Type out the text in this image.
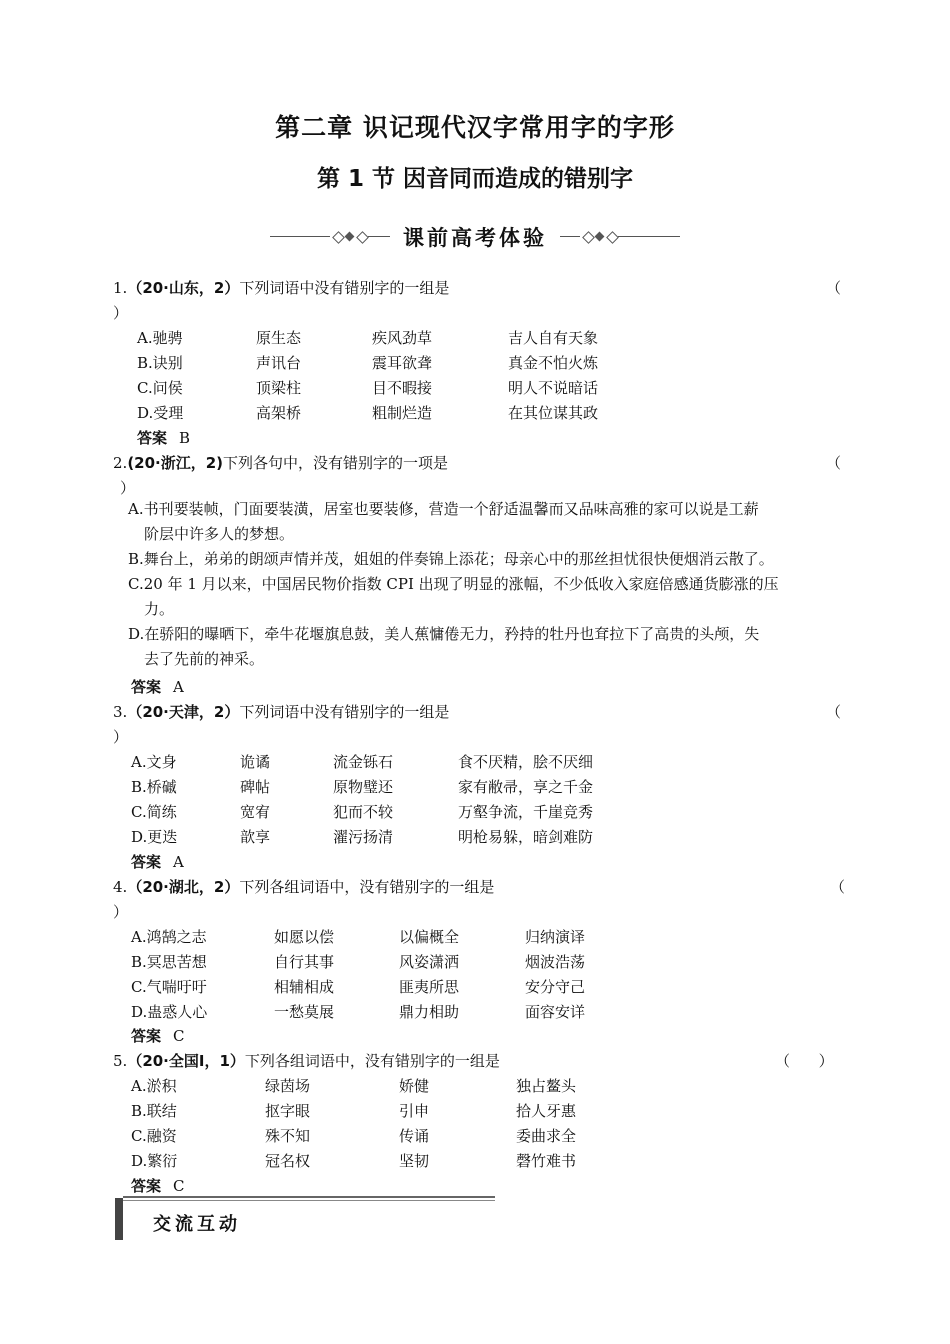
第二章 识记现代汉字常用字的字形
第 1 节 因音同而造成的错别字
课前高考体验
1.（20·山东，2）下列词语中没有错别字的一组是	（
）
A.驰骋	原生态	疾风劲草	吉人自有天象
B.诀别	声讯台	震耳欲聋	真金不怕火炼
C.问侯	顶梁柱	目不暇接	明人不说暗话
D.受理	高架桥	粗制烂造	在其位谋其政
答案 B
2.(20·浙江，2)下列各句中，没有错别字的一项是	（
）
A.书刊要装帧，门面要装潢，居室也要装修，营造一个舒适温馨而又品味高雅的家可以说是工薪
阶层中许多人的梦想。
B.舞台上，弟弟的朗颂声情并茂，姐姐的伴奏锦上添花；母亲心中的那丝担忧很快便烟消云散了。
C.20 年 1 月以来，中国居民物价指数 CPI 出现了明显的涨幅，不少低收入家庭倍感通货膨涨的压
力。
D.在骄阳的曝晒下，牵牛花堰旗息鼓，美人蕉慵倦无力，矜持的牡丹也耷拉下了高贵的头颅，失
去了先前的神采。
答案 A
3.（20·天津，2）下列词语中没有错别字的一组是	（
）
A.文身	诡谲	流金铄石	食不厌精，脍不厌细
B.桥磩	碑帖	原物璧还	家有敝帚，享之千金
C.简练	宽宥	犯而不较	万壑争流，千崖竞秀
D.更迭	歆享	濯污扬清	明枪易躲，暗剑难防
答案 A
4.（20·湖北，2）下列各组词语中，没有错别字的一组是	（
）
A.鸿鹄之志	如愿以偿	以偏概全	归纳演译
B.冥思苦想	自行其事	风姿潇洒	烟波浩荡
C.气喘吁吁	相辅相成	匪夷所思	安分守己
D.蛊惑人心	一愁莫展	鼎力相助	面容安详
答案 C
5.（20·全国Ⅰ，1）下列各组词语中，没有错别字的一组是	（      ）
A.淤积	绿茵场	娇健	独占鳌头
B.联结	抠字眼	引申	拾人牙惠
C.融资	殊不知	传诵	委曲求全
D.繁衍	冠名权	坚韧	磬竹难书
答案 C
交流互动
